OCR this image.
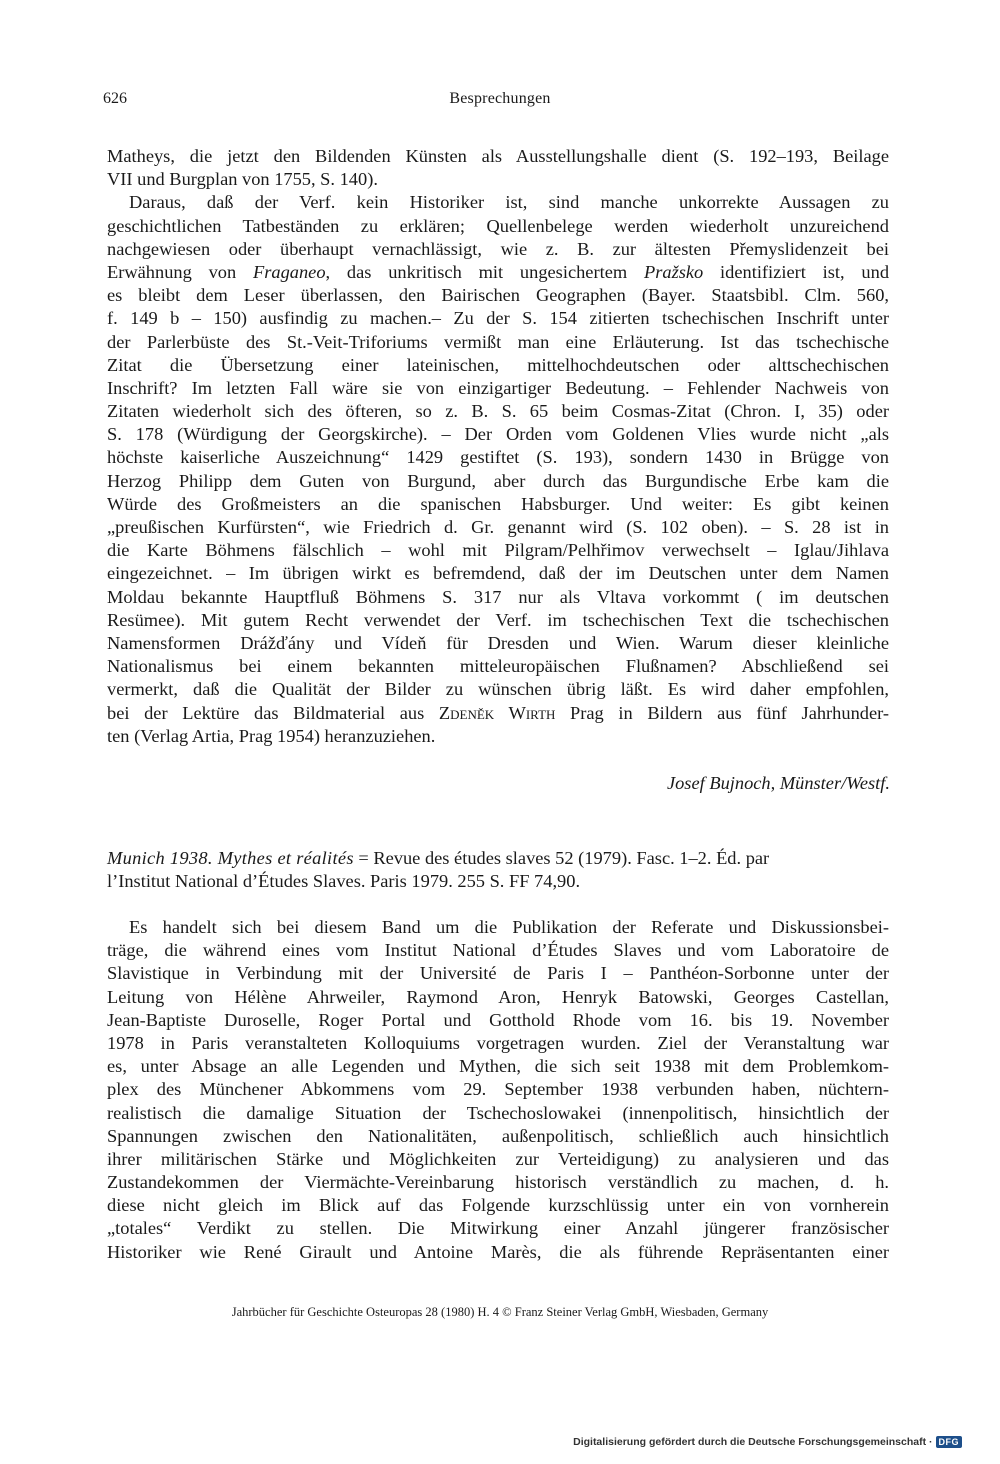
626	Besprechungen
Matheys, die jetzt den Bildenden Künsten als Ausstellungshalle dient (S. 192–193, Beilage
VII und Burgplan von 1755, S. 140).
Daraus, daß der Verf. kein Historiker ist, sind manche unkorrekte Aussagen zu
geschichtlichen Tatbeständen zu erklären; Quellenbelege werden wiederholt unzureichend
nachgewiesen oder überhaupt vernachlässigt, wie z. B. zur ältesten Přemyslidenzeit bei
Erwähnung von Fraganeo, das unkritisch mit ungesichertem Pražsko identifiziert ist, und
es bleibt dem Leser überlassen, den Bairischen Geographen (Bayer. Staatsbibl. Clm. 560,
f. 149 b – 150) ausfindig zu machen.– Zu der S. 154 zitierten tschechischen Inschrift unter
der Parlerbüste des St.-Veit-Triforiums vermißt man eine Erläuterung. Ist das tschechische
Zitat die Übersetzung einer lateinischen, mittelhochdeutschen oder alttschechischen
Inschrift? Im letzten Fall wäre sie von einzigartiger Bedeutung. – Fehlender Nachweis von
Zitaten wiederholt sich des öfteren, so z. B. S. 65 beim Cosmas-Zitat (Chron. I, 35) oder
S. 178 (Würdigung der Georgskirche). – Der Orden vom Goldenen Vlies wurde nicht „als
höchste kaiserliche Auszeichnung“ 1429 gestiftet (S. 193), sondern 1430 in Brügge von
Herzog Philipp dem Guten von Burgund, aber durch das Burgundische Erbe kam die
Würde des Großmeisters an die spanischen Habsburger. Und weiter: Es gibt keinen
„preußischen Kurfürsten“, wie Friedrich d. Gr. genannt wird (S. 102 oben). – S. 28 ist in
die Karte Böhmens fälschlich – wohl mit Pilgram/Pelhřimov verwechselt – Iglau/Jihlava
eingezeichnet. – Im übrigen wirkt es befremdend, daß der im Deutschen unter dem Namen
Moldau bekannte Hauptfluß Böhmens S. 317 nur als Vltava vorkommt ( im deutschen
Resümee). Mit gutem Recht verwendet der Verf. im tschechischen Text die tschechischen
Namensformen Drážďány und Vídeň für Dresden und Wien. Warum dieser kleinliche
Nationalismus bei einem bekannten mitteleuropäischen Flußnamen? Abschließend sei
vermerkt, daß die Qualität der Bilder zu wünschen übrig läßt. Es wird daher empfohlen,
bei der Lektüre das Bildmaterial aus Zdeněk Wirth Prag in Bildern aus fünf Jahrhunder-
ten (Verlag Artia, Prag 1954) heranzuziehen.
Josef Bujnoch, Münster/Westf.
Munich 1938. Mythes et réalités = Revue des études slaves 52 (1979). Fasc. 1–2. Éd. par
l’Institut National d’Études Slaves. Paris 1979. 255 S. FF 74,90.
Es handelt sich bei diesem Band um die Publikation der Referate und Diskussionsbei-
träge, die während eines vom Institut National d’Études Slaves und vom Laboratoire de
Slavistique in Verbindung mit der Université de Paris I – Panthéon-Sorbonne unter der
Leitung von Hélène Ahrweiler, Raymond Aron, Henryk Batowski, Georges Castellan,
Jean-Baptiste Duroselle, Roger Portal und Gotthold Rhode vom 16. bis 19. November
1978 in Paris veranstalteten Kolloquiums vorgetragen wurden. Ziel der Veranstaltung war
es, unter Absage an alle Legenden und Mythen, die sich seit 1938 mit dem Problemkom-
plex des Münchener Abkommens vom 29. September 1938 verbunden haben, nüchtern-
realistisch die damalige Situation der Tschechoslowakei (innenpolitisch, hinsichtlich der
Spannungen zwischen den Nationalitäten, außenpolitisch, schließlich auch hinsichtlich
ihrer militärischen Stärke und Möglichkeiten zur Verteidigung) zu analysieren und das
Zustandekommen der Viermächte-Vereinbarung historisch verständlich zu machen, d. h.
diese nicht gleich im Blick auf das Folgende kurzschlüssig unter ein von vornherein
„totales“ Verdikt zu stellen. Die Mitwirkung einer Anzahl jüngerer französischer
Historiker wie René Girault und Antoine Marès, die als führende Repräsentanten einer
Jahrbücher für Geschichte Osteuropas 28 (1980) H. 4 © Franz Steiner Verlag GmbH, Wiesbaden, Germany
Digitalisierung gefördert durch die Deutsche Forschungsgemeinschaft · DFG
